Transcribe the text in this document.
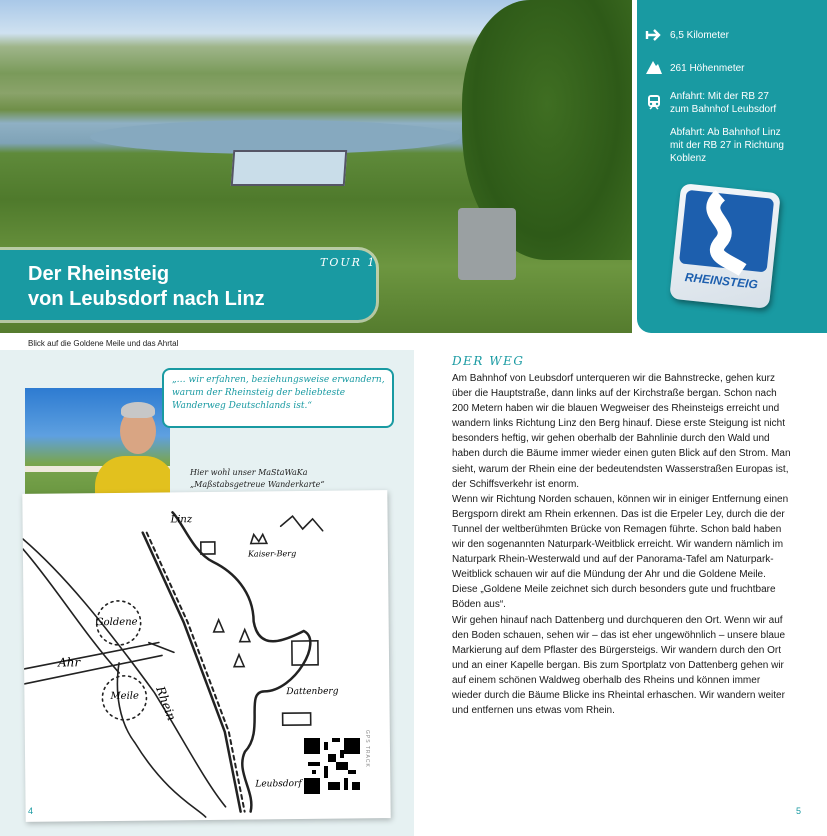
TOUR 1
Der Rheinsteig
von Leubsdorf nach Linz
Blick auf die Goldene Meile und das Ahrtal
6,5 Kilometer
261 Höhenmeter
Anfahrt: Mit der RB 27 zum Bahnhof Leubsdorf
Abfahrt: Ab Bahnhof Linz mit der RB 27 in Richtung Koblenz
RHEINSTEIG
„… wir erfahren, beziehungsweise erwandern, warum der Rheinsteig der beliebteste Wanderweg Deutschlands ist.“
Hier wohl unser MaStaWaKa
„Maßstabsgetreue Wanderkarte“
Linz
Kaiser-Berg
Goldene
Meile
Ahr
Rhein	Dattenberg
Leubsdorf
GPS TRACK
4
DER WEG

Am Bahnhof von Leubsdorf unterqueren wir die Bahnstrecke, gehen kurz über die Hauptstraße, dann links auf der Kirchstraße bergan. Schon nach 200 Metern haben wir die blauen Wegweiser des Rheinsteigs erreicht und wandern links Richtung Linz den Berg hinauf. Diese erste Steigung ist nicht besonders heftig, wir gehen oberhalb der Bahnlinie durch den Wald und haben durch die Bäume immer wieder einen guten Blick auf den Strom. Man sieht, warum der Rhein eine der bedeutendsten Wasserstraßen Europas ist, der Schiffsverkehr ist enorm.

Wenn wir Richtung Norden schauen, können wir in einiger Entfernung einen Bergsporn direkt am Rhein erkennen. Das ist die Erpeler Ley, durch die der Tunnel der weltberühmten Brücke von Remagen führte. Schon bald haben wir den sogenannten Naturpark-Weitblick erreicht. Wir wandern nämlich im Naturpark Rhein-Westerwald und auf der Panorama-Tafel am Naturpark-Weitblick schauen wir auf die Mündung der Ahr und die Goldene Meile. Diese „Goldene Meile zeichnet sich durch besonders gute und fruchtbare Böden aus“.

Wir gehen hinauf nach Dattenberg und durchqueren den Ort. Wenn wir auf den Boden schauen, sehen wir – das ist eher ungewöhnlich – unsere blaue Markierung auf dem Pflaster des Bürgersteigs. Wir wandern durch den Ort und an einer Kapelle bergan. Bis zum Sportplatz von Dattenberg gehen wir auf einem schönen Waldweg oberhalb des Rheins und können immer wieder durch die Bäume Blicke ins Rheintal erhaschen. Wir wandern weiter und entfernen uns etwas vom Rhein.

5
